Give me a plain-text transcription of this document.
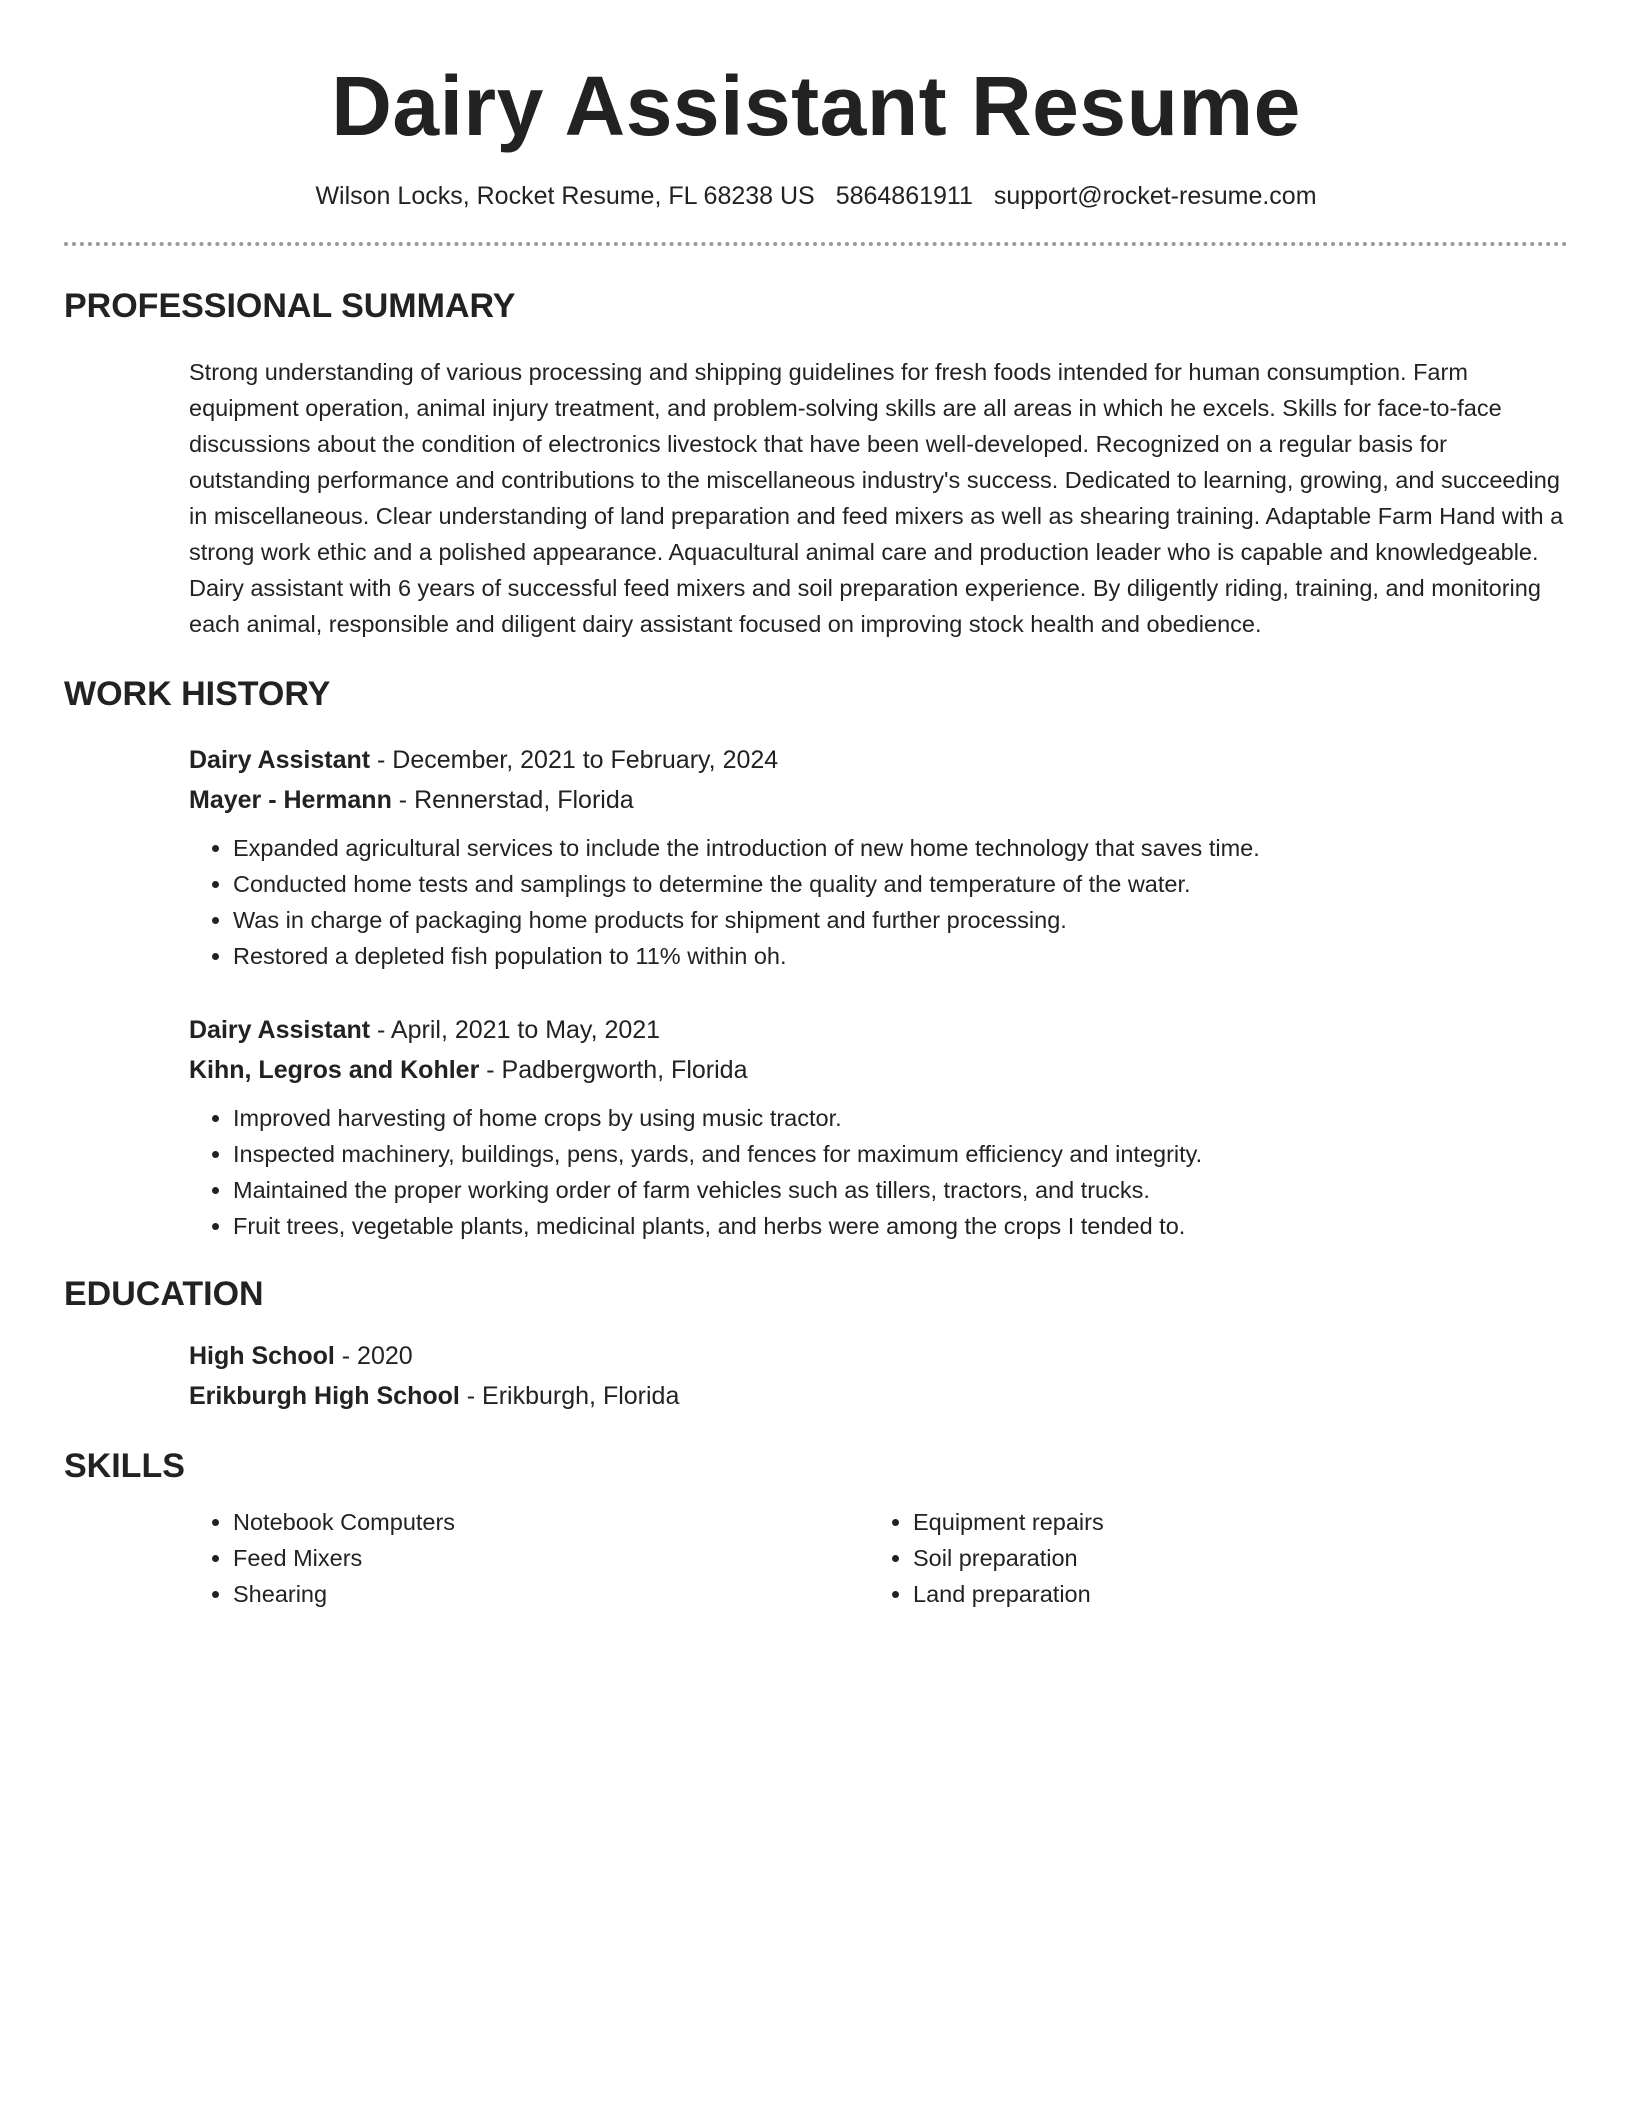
Dairy Assistant Resume
Wilson Locks, Rocket Resume, FL 68238 US 5864861911 support@rocket-resume.com
PROFESSIONAL SUMMARY

Strong understanding of various processing and shipping guidelines for fresh foods intended for human consumption. Farm equipment operation, animal injury treatment, and problem-solving skills are all areas in which he excels. Skills for face-to-face discussions about the condition of electronics livestock that have been well-developed. Recognized on a regular basis for outstanding performance and contributions to the miscellaneous industry's success. Dedicated to learning, growing, and succeeding in miscellaneous. Clear understanding of land preparation and feed mixers as well as shearing training. Adaptable Farm Hand with a strong work ethic and a polished appearance. Aquacultural animal care and production leader who is capable and knowledgeable. Dairy assistant with 6 years of successful feed mixers and soil preparation experience. By diligently riding, training, and monitoring each animal, responsible and diligent dairy assistant focused on improving stock health and obedience.

WORK HISTORY
Dairy Assistant - December, 2021 to February, 2024
Mayer - Hermann - Rennerstad, Florida
• Expanded agricultural services to include the introduction of new home technology that saves time.
• Conducted home tests and samplings to determine the quality and temperature of the water.
• Was in charge of packaging home products for shipment and further processing.
• Restored a depleted fish population to 11% within oh.
Dairy Assistant - April, 2021 to May, 2021
Kihn, Legros and Kohler - Padbergworth, Florida
• Improved harvesting of home crops by using music tractor.
• Inspected machinery, buildings, pens, yards, and fences for maximum efficiency and integrity.
• Maintained the proper working order of farm vehicles such as tillers, tractors, and trucks.
• Fruit trees, vegetable plants, medicinal plants, and herbs were among the crops I tended to.
EDUCATION
High School - 2020
Erikburgh High School - Erikburgh, Florida
SKILLS
• Notebook Computers
• Feed Mixers
• Shearing
• Equipment repairs
• Soil preparation
• Land preparation
